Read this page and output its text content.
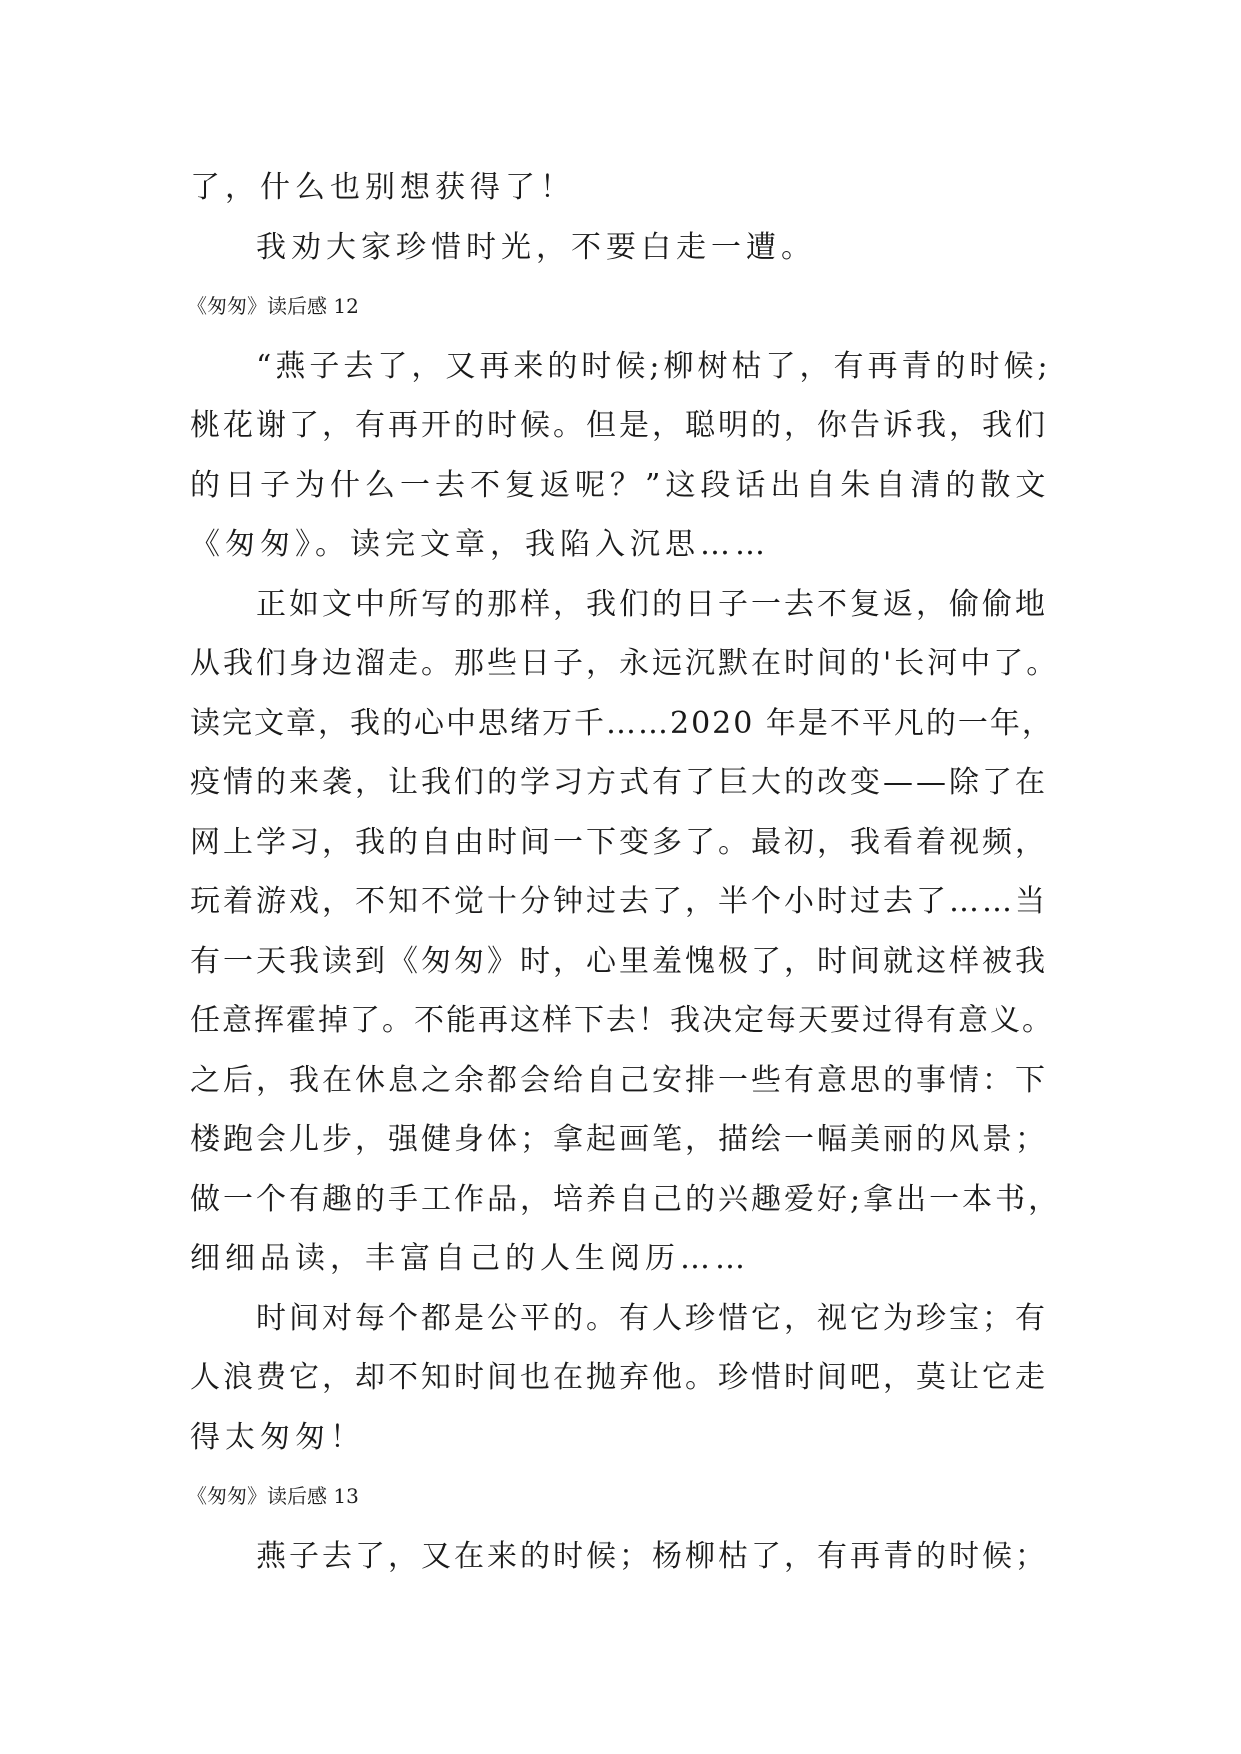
了，什么也别想获得了！
我劝大家珍惜时光，不要白走一遭。
《匆匆》读后感 12
“燕子去了，又再来的时候;柳树枯了，有再青的时候;
桃花谢了，有再开的时候。但是，聪明的，你告诉我，我们
的日子为什么一去不复返呢？”这段话出自朱自清的散文
《匆匆》。读完文章，我陷入沉思……
正如文中所写的那样，我们的日子一去不复返，偷偷地
从我们身边溜走。那些日子，永远沉默在时间的'长河中了。
读完文章，我的心中思绪万千……2020 年是不平凡的一年，
疫情的来袭，让我们的学习方式有了巨大的改变——除了在
网上学习，我的自由时间一下变多了。最初，我看着视频，
玩着游戏，不知不觉十分钟过去了，半个小时过去了……当
有一天我读到《匆匆》时，心里羞愧极了，时间就这样被我
任意挥霍掉了。不能再这样下去！我决定每天要过得有意义。
之后，我在休息之余都会给自己安排一些有意思的事情：下
楼跑会儿步，强健身体；拿起画笔，描绘一幅美丽的风景；
做一个有趣的手工作品，培养自己的兴趣爱好;拿出一本书，
细细品读，丰富自己的人生阅历……
时间对每个都是公平的。有人珍惜它，视它为珍宝；有
人浪费它，却不知时间也在抛弃他。珍惜时间吧，莫让它走
得太匆匆！
《匆匆》读后感 13
燕子去了，又在来的时候；杨柳枯了，有再青的时候；
